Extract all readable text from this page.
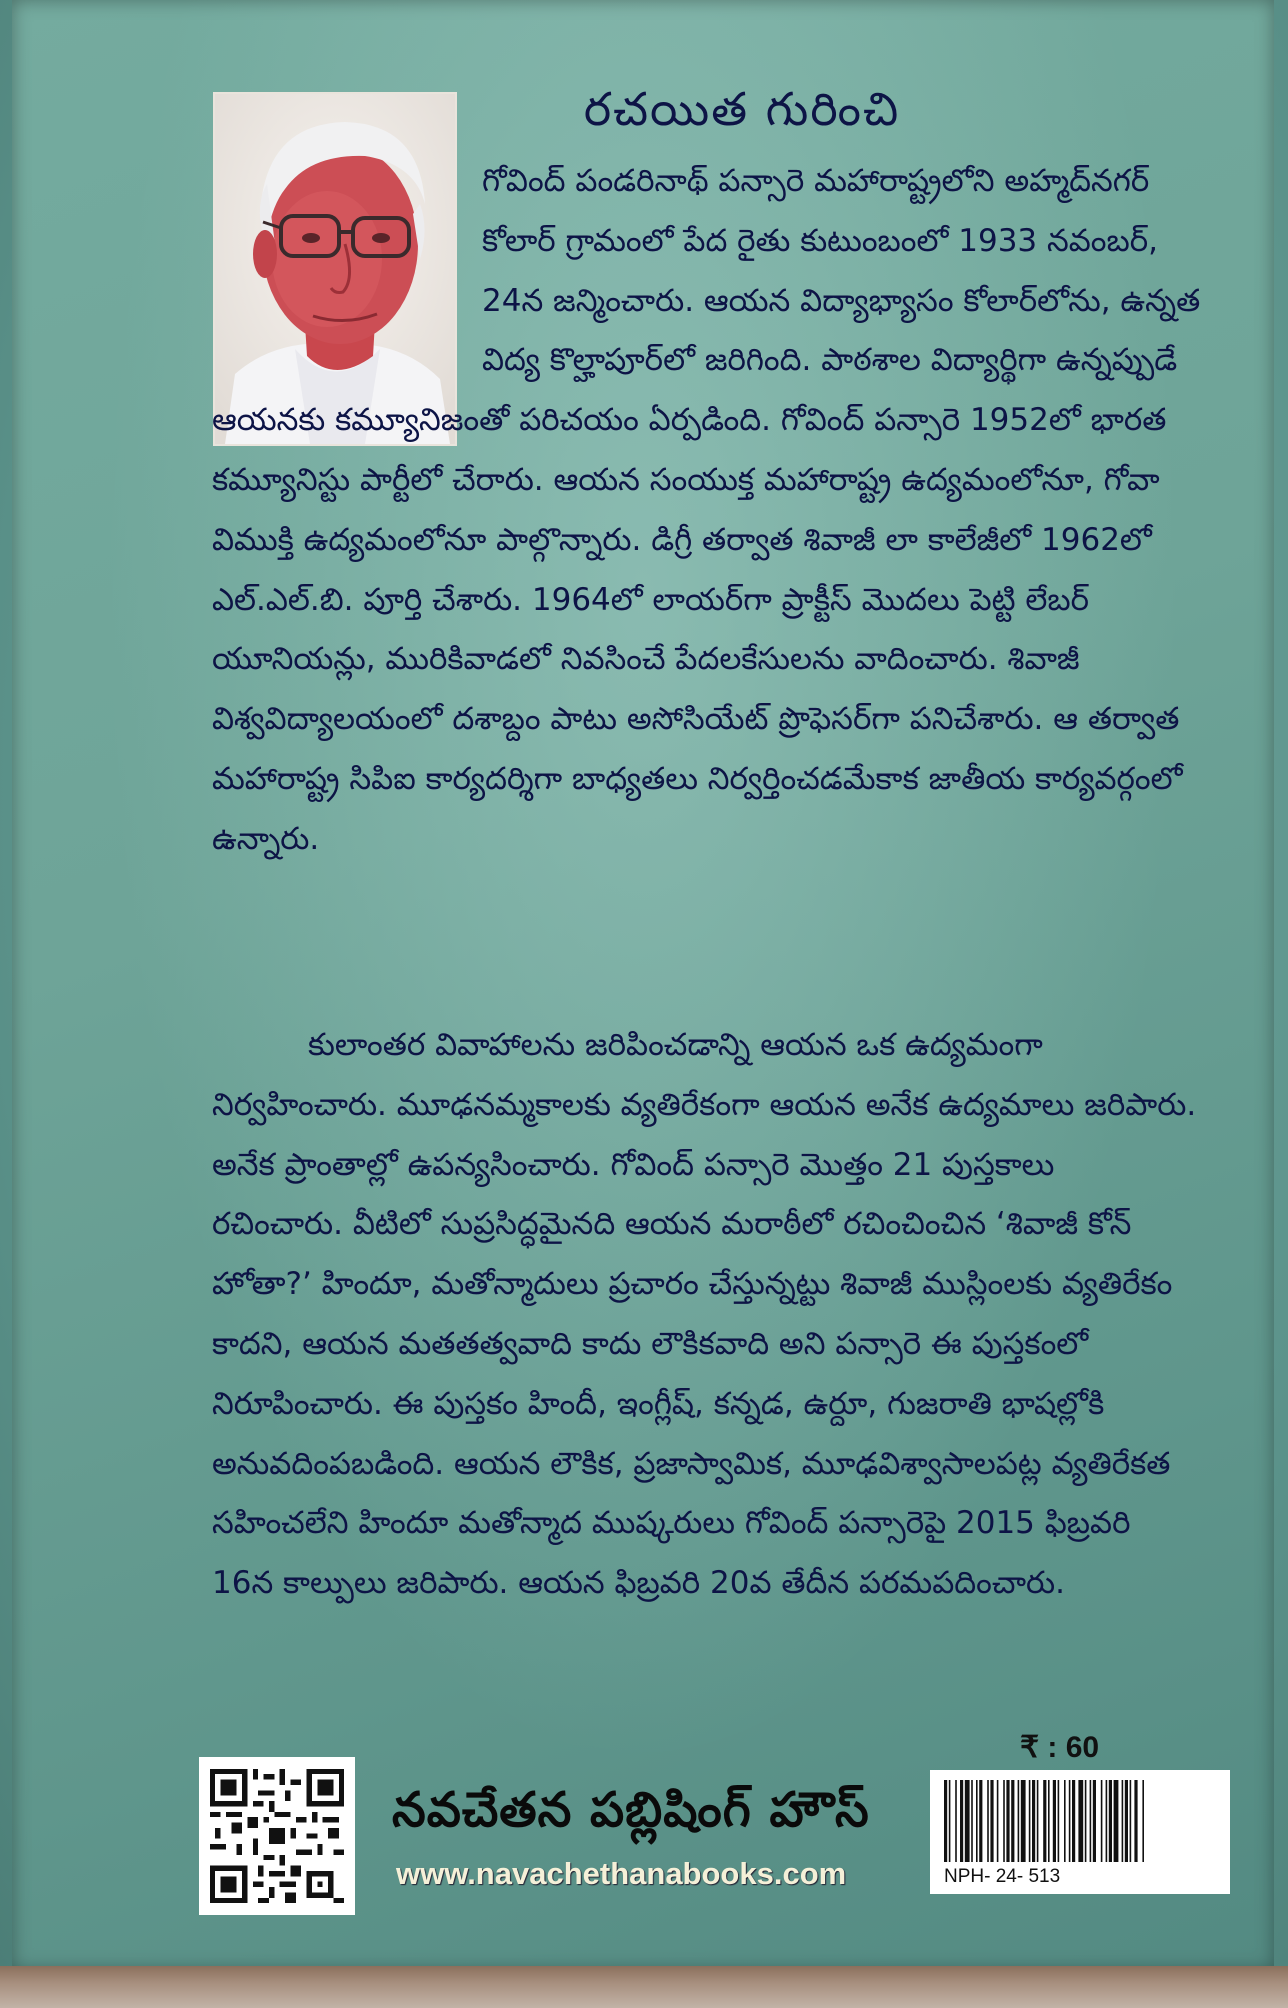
రచయిత గురించి
గోవింద్ పండరినాథ్ పన్సారె మహారాష్ట్రలోని అహ్మద్‌నగర్
కోలార్ గ్రామంలో పేద రైతు కుటుంబంలో 1933 నవంబర్,
24న జన్మించారు. ఆయన విద్యాభ్యాసం కోలార్‌లోను, ఉన్నత
విద్య కొల్హాపూర్‌లో జరిగింది. పాఠశాల విద్యార్థిగా ఉన్నప్పుడే
ఆయనకు కమ్యూనిజంతో పరిచయం ఏర్పడింది. గోవింద్ పన్సారె 1952లో భారత
కమ్యూనిస్టు పార్టీలో చేరారు. ఆయన సంయుక్త మహారాష్ట్ర ఉద్యమంలోనూ, గోవా
విముక్తి ఉద్యమంలోనూ పాల్గొన్నారు. డిగ్రీ తర్వాత శివాజీ లా కాలేజీలో 1962లో
ఎల్.ఎల్.బి. పూర్తి చేశారు. 1964లో లాయర్‌గా ప్రాక్టీస్ మొదలు పెట్టి లేబర్
యూనియన్లు, మురికివాడలో నివసించే పేదలకేసులను వాదించారు. శివాజీ
విశ్వవిద్యాలయంలో దశాబ్దం పాటు అసోసియేట్ ప్రొఫెసర్‌గా పనిచేశారు. ఆ తర్వాత
మహారాష్ట్ర సిపిఐ కార్యదర్శిగా బాధ్యతలు నిర్వర్తించడమేకాక జాతీయ కార్యవర్గంలో
ఉన్నారు.
కులాంతర వివాహాలను జరిపించడాన్ని ఆయన ఒక ఉద్యమంగా
నిర్వహించారు. మూఢనమ్మకాలకు వ్యతిరేకంగా ఆయన అనేక ఉద్యమాలు జరిపారు.
అనేక ప్రాంతాల్లో ఉపన్యసించారు. గోవింద్ పన్సారె మొత్తం 21 పుస్తకాలు
రచించారు. వీటిలో సుప్రసిద్ధమైనది ఆయన మరాఠీలో రచించించిన ‘శివాజీ కోన్
హోతా?’ హిందూ, మతోన్మాదులు ప్రచారం చేస్తున్నట్టు శివాజీ ముస్లింలకు వ్యతిరేకం
కాదని, ఆయన మతతత్వవాది కాదు లౌకికవాది అని పన్సారె ఈ పుస్తకంలో
నిరూపించారు. ఈ పుస్తకం హిందీ, ఇంగ్లీష్, కన్నడ, ఉర్దూ, గుజరాతి భాషల్లోకి
అనువదింపబడింది. ఆయన లౌకిక, ప్రజాస్వామిక, మూఢవిశ్వాసాలపట్ల వ్యతిరేకత
సహించలేని హిందూ మతోన్మాద ముష్కరులు గోవింద్ పన్సారెపై 2015 ఫిబ్రవరి
16న కాల్పులు జరిపారు. ఆయన ఫిబ్రవరి 20వ తేదీన పరమపదించారు.
₹ : 60
నవచేతన పబ్లిషింగ్ హౌస్
www.navachethanabooks.com	NPH- 24- 513
